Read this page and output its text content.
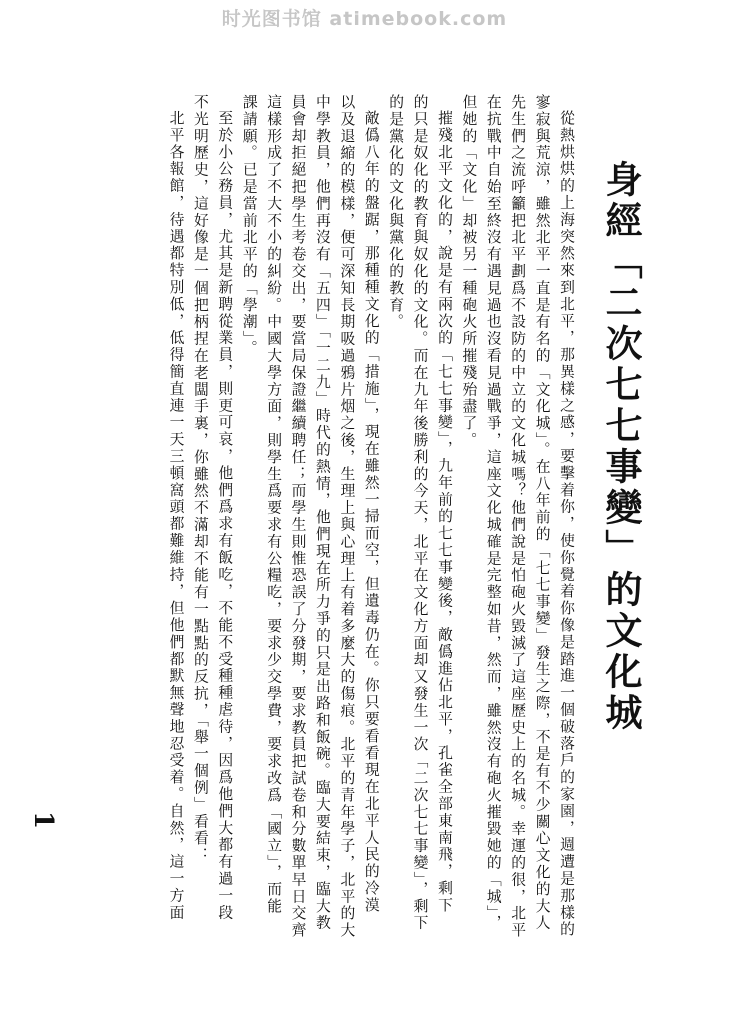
时光图书馆 atimebook.com
身經「二次七七事變」的文化城
從熱烘烘的上海突然來到北平，那異樣之感，要擊着你，使你覺着你像是踏進一個破落戶的家園，週遭是那樣的
寥寂與荒涼，雖然北平一直是有名的「文化城」。在八年前的「七七事變」發生之際，不是有不少關心文化的大人
先生們之流呼籲把北平劃爲不設防的中立的文化城嗎？他們說是怕砲火毀滅了這座歷史上的名城。幸運的很，北平
在抗戰中自始至終沒有遇見過也沒看見過戰爭，這座文化城確是完整如昔，然而，雖然沒有砲火摧毀她的「城」，
但她的「文化」却被另一種砲火所摧殘殆盡了。
摧殘北平文化的，說是有兩次的「七七事變」，九年前的七七事變後，敵僞進佔北平，孔雀全部東南飛，剩下
的只是奴化的教育與奴化的文化。而在九年後勝利的今天，北平在文化方面却又發生一次「二次七七事變」，剩下
的是黨化的文化與黨化的教育。
敵僞八年的盤踞，那種種文化的「措施」，現在雖然一掃而空，但遺毒仍在。你只要看看現在北平人民的冷漠
以及退縮的模樣，便可深知長期吸過鴉片烟之後，生理上與心理上有着多麼大的傷痕。北平的青年學子，北平的大
中學教員，他們再沒有「五四」「一二九」時代的熱情，他們現在所力爭的只是出路和飯碗。臨大要結束，臨大教
員會却拒絕把學生考卷交出，要當局保證繼續聘任；而學生則惟恐誤了分發期，要求教員把試卷和分數單早日交齊
這樣形成了不大不小的糾紛。中國大學方面，則學生爲要求有公糧吃，要求少交學費，要求改爲「國立」，而能
課請願。已是當前北平的「學潮」。
至於小公務員，尤其是新聘從業員，則更可哀，他們爲求有飯吃，不能不受種種虐待，因爲他們大都有過一段
不光明歷史，這好像是一個把柄捏在老闆手裏，你雖然不滿却不能有一點點的反抗，「舉一個例」看看：
北平各報館，待遇都特別低，低得簡直連一天三頓窩頭都難維持，但他們都默無聲地忍受着。自然，這一方面
1
